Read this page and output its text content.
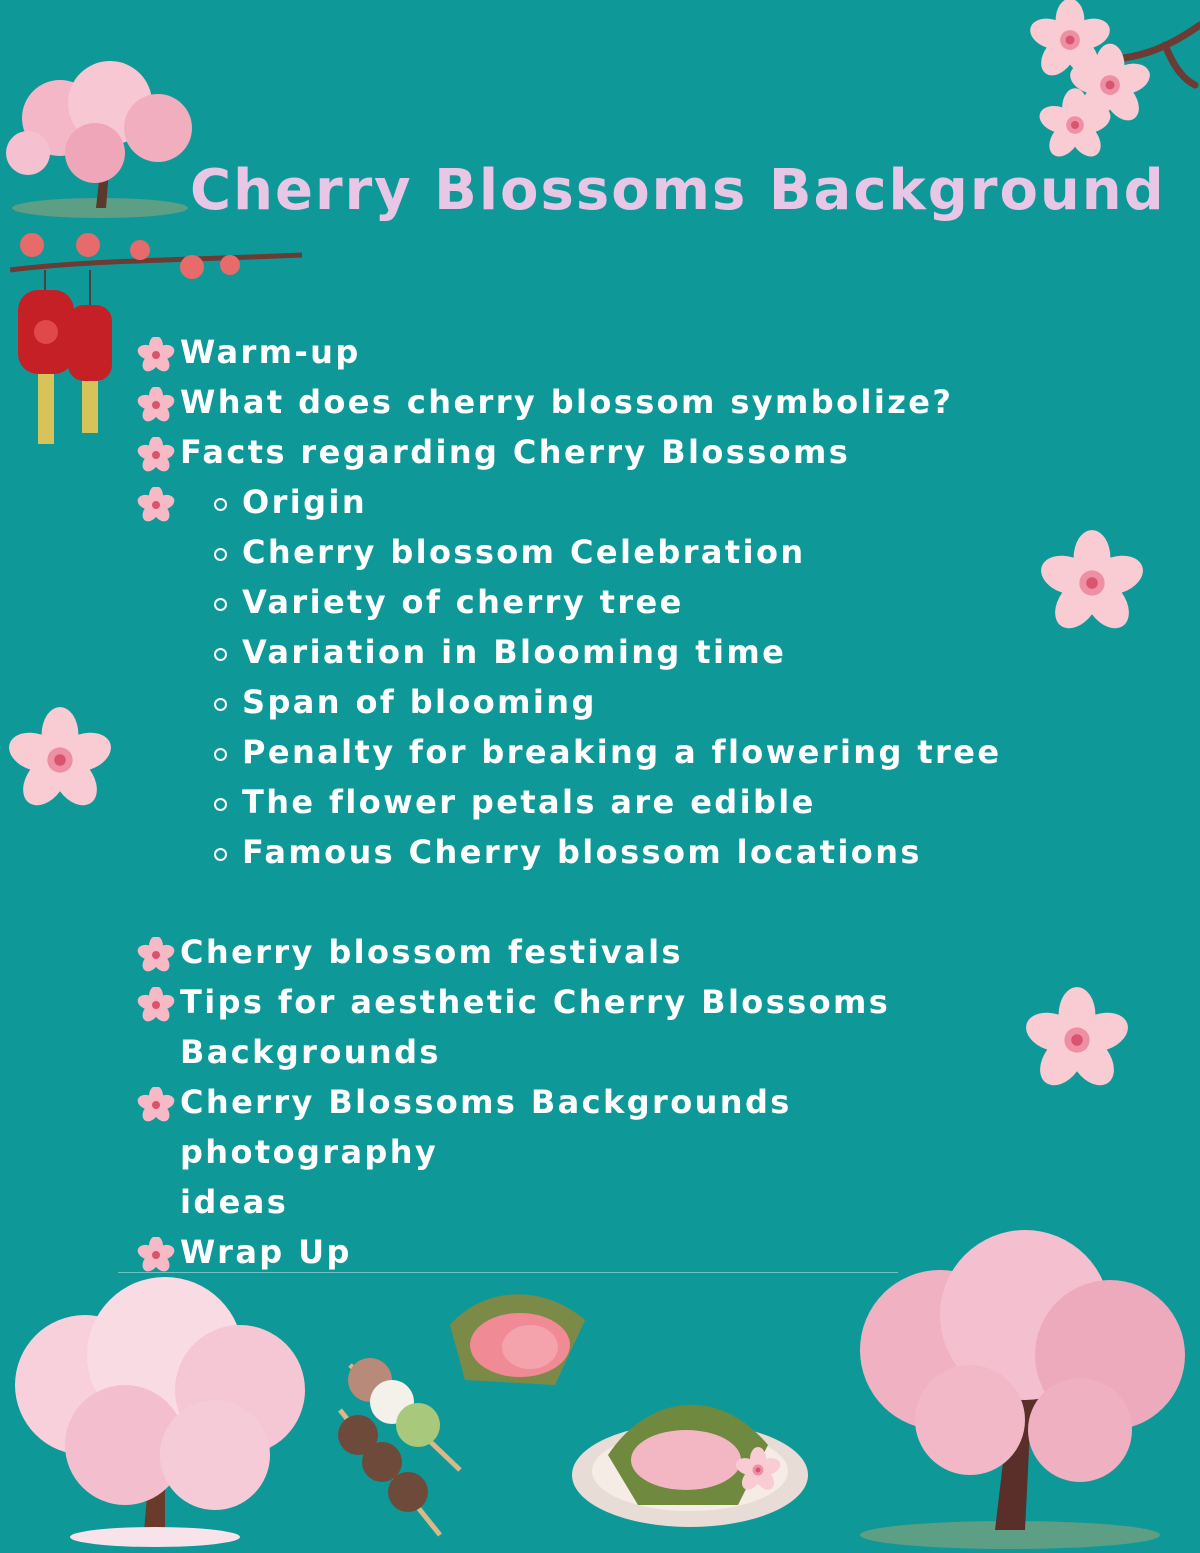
Cherry Blossoms Background
Warm-up
What does cherry blossom symbolize?
Facts regarding Cherry Blossoms
Origin
Cherry blossom Celebration
Variety of cherry tree
Variation in Blooming time
Span of blooming
Penalty for breaking a flowering tree
The flower petals are edible
Famous Cherry blossom locations
Cherry blossom festivals
Tips for aesthetic Cherry Blossoms
Backgrounds
Cherry Blossoms Backgrounds photography
ideas
Wrap Up
